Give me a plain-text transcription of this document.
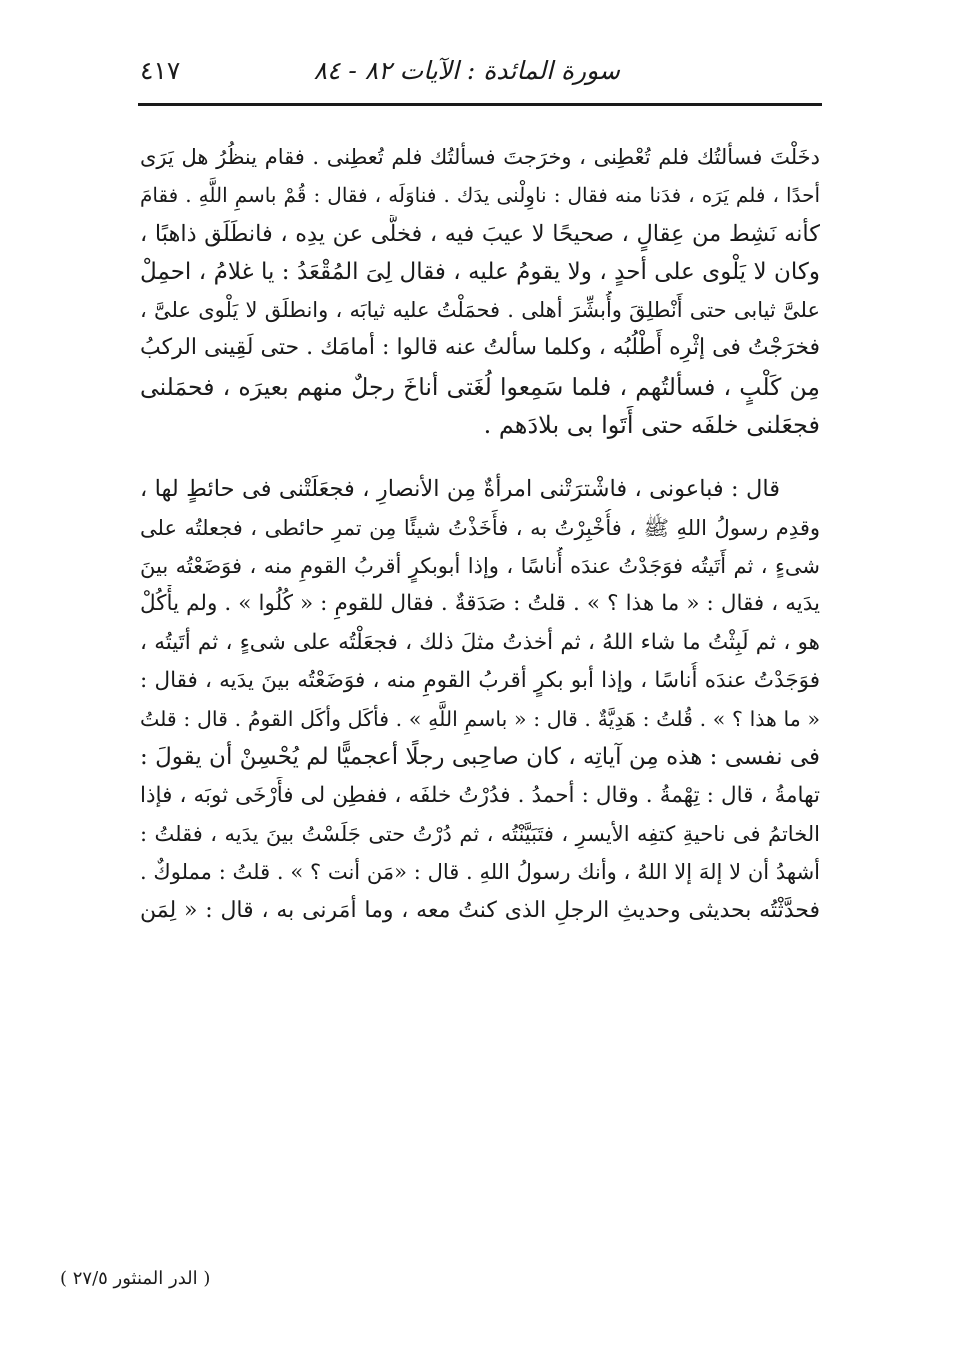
سورة المائدة : الآيات ٨٢ - ٨٤
٤١٧
دخَلْتَ فسألتُك فلم تُعْطِنى ، وخرَجتَ فسألتُك فلم تُعطِنى . فقام ينظُرُ هل يَرَى
أحدًا ، فلم يَرَه ، فدَنا منه فقال : ناوِلْنى يدَك . فناوَلَه ، فقال : قُمْ باسمِ اللَّهِ . فقامَ
كأنه نَشِط من عِقالٍ ، صحيحًا لا عيبَ فيه ، فخلَّى عن يدِه ، فانطَلَق ذاهبًا ،
وكان لا يَلْوى على أحدٍ ، ولا يقومُ عليه ، فقال لِىَ المُقْعَدُ : يا غلامُ ، احمِلْ
علىَّ ثيابى حتى أَنْطلِقَ وأُبشِّرَ أهلى . فحمَلْتُ عليه ثيابَه ، وانطلَق لا يَلْوى علىَّ ،
فخرَجْتُ فى إثْرِه أَطْلُبُه ، وكلما سألتُ عنه قالوا : أمامَك . حتى لَقِينى الركبُ
مِن كَلْبٍ ، فسألتُهم ، فلما سَمِعوا لُغَتى أناخَ رجلٌ منهم بعيرَه ، فحمَلنى
فجعَلنى خلفَه حتى أَتَوا بى بلادَهم .
قال : فباعونى ، فاشْترَتْنى امرأةٌ مِن الأنصارِ ، فجعَلَتْنى فى حائطٍ لها ،
وقدِم رسولُ اللهِ ﷺ ، فأُخْبِرْتُ به ، فأَخَذْتُ شيئًا مِن تمرِ حائطى ، فجعلتُه على
شىءٍ ، ثم أَتَيتُه فوَجَدْتُ عندَه أُناسًا ، وإذا أبوبكرٍ أقربُ القومِ منه ، فوَضَعْتُه بينَ
يدَيه ، فقال : « ما هذا ؟ » . قلتُ : صَدَقةٌ . فقال للقومِ : « كُلُوا » . ولم يأْكُلْ
هو ، ثم لَبِثْتُ ما شاء اللهُ ، ثم أخذتُ مثلَ ذلك ، فجعَلْتُه على شىءٍ ، ثم أتَيتُه ،
فوَجَدْتُ عندَه أُناسًا ، وإذا أبو بكرٍ أقربُ القومِ منه ، فوَضَعْتُه بينَ يدَيه ، فقال :
« ما هذا ؟ » . قُلتُ : هَدِيَّةٌ . قال : « باسمِ اللَّهِ » . فأكَل وأكَل القومُ . قال : قلتُ
فى نفسى : هذه مِن آياتِه ، كان صاحِبى رجلًا أعجميًّا لم يُحْسِنْ أن يقولَ :
تهامةُ ، قال : تِهْمةُ . وقال : أحمدُ . فدُرْتُ خلفَه ، ففطِن لى فأَرْخَى ثوبَه ، فإذا
الخاتمُ فى ناحيةِ كتفِه الأيسرِ ، فتَبَيَّنْتُه ، ثم دُرْتُ حتى جَلَسْتُ بينَ يدَيه ، فقلتُ :
أشهدُ أن لا إلهَ إلا اللهُ ، وأنك رسولُ اللهِ . قال : «مَن أنت ؟ » . قلتُ : مملوكٌ .
فحدَّثْتُه بحديثى وحديثِ الرجلِ الذى كنتُ معه ، وما أمَرنى به ، قال : « لِمَن
( الدر المنثور ٢٧/٥ )
